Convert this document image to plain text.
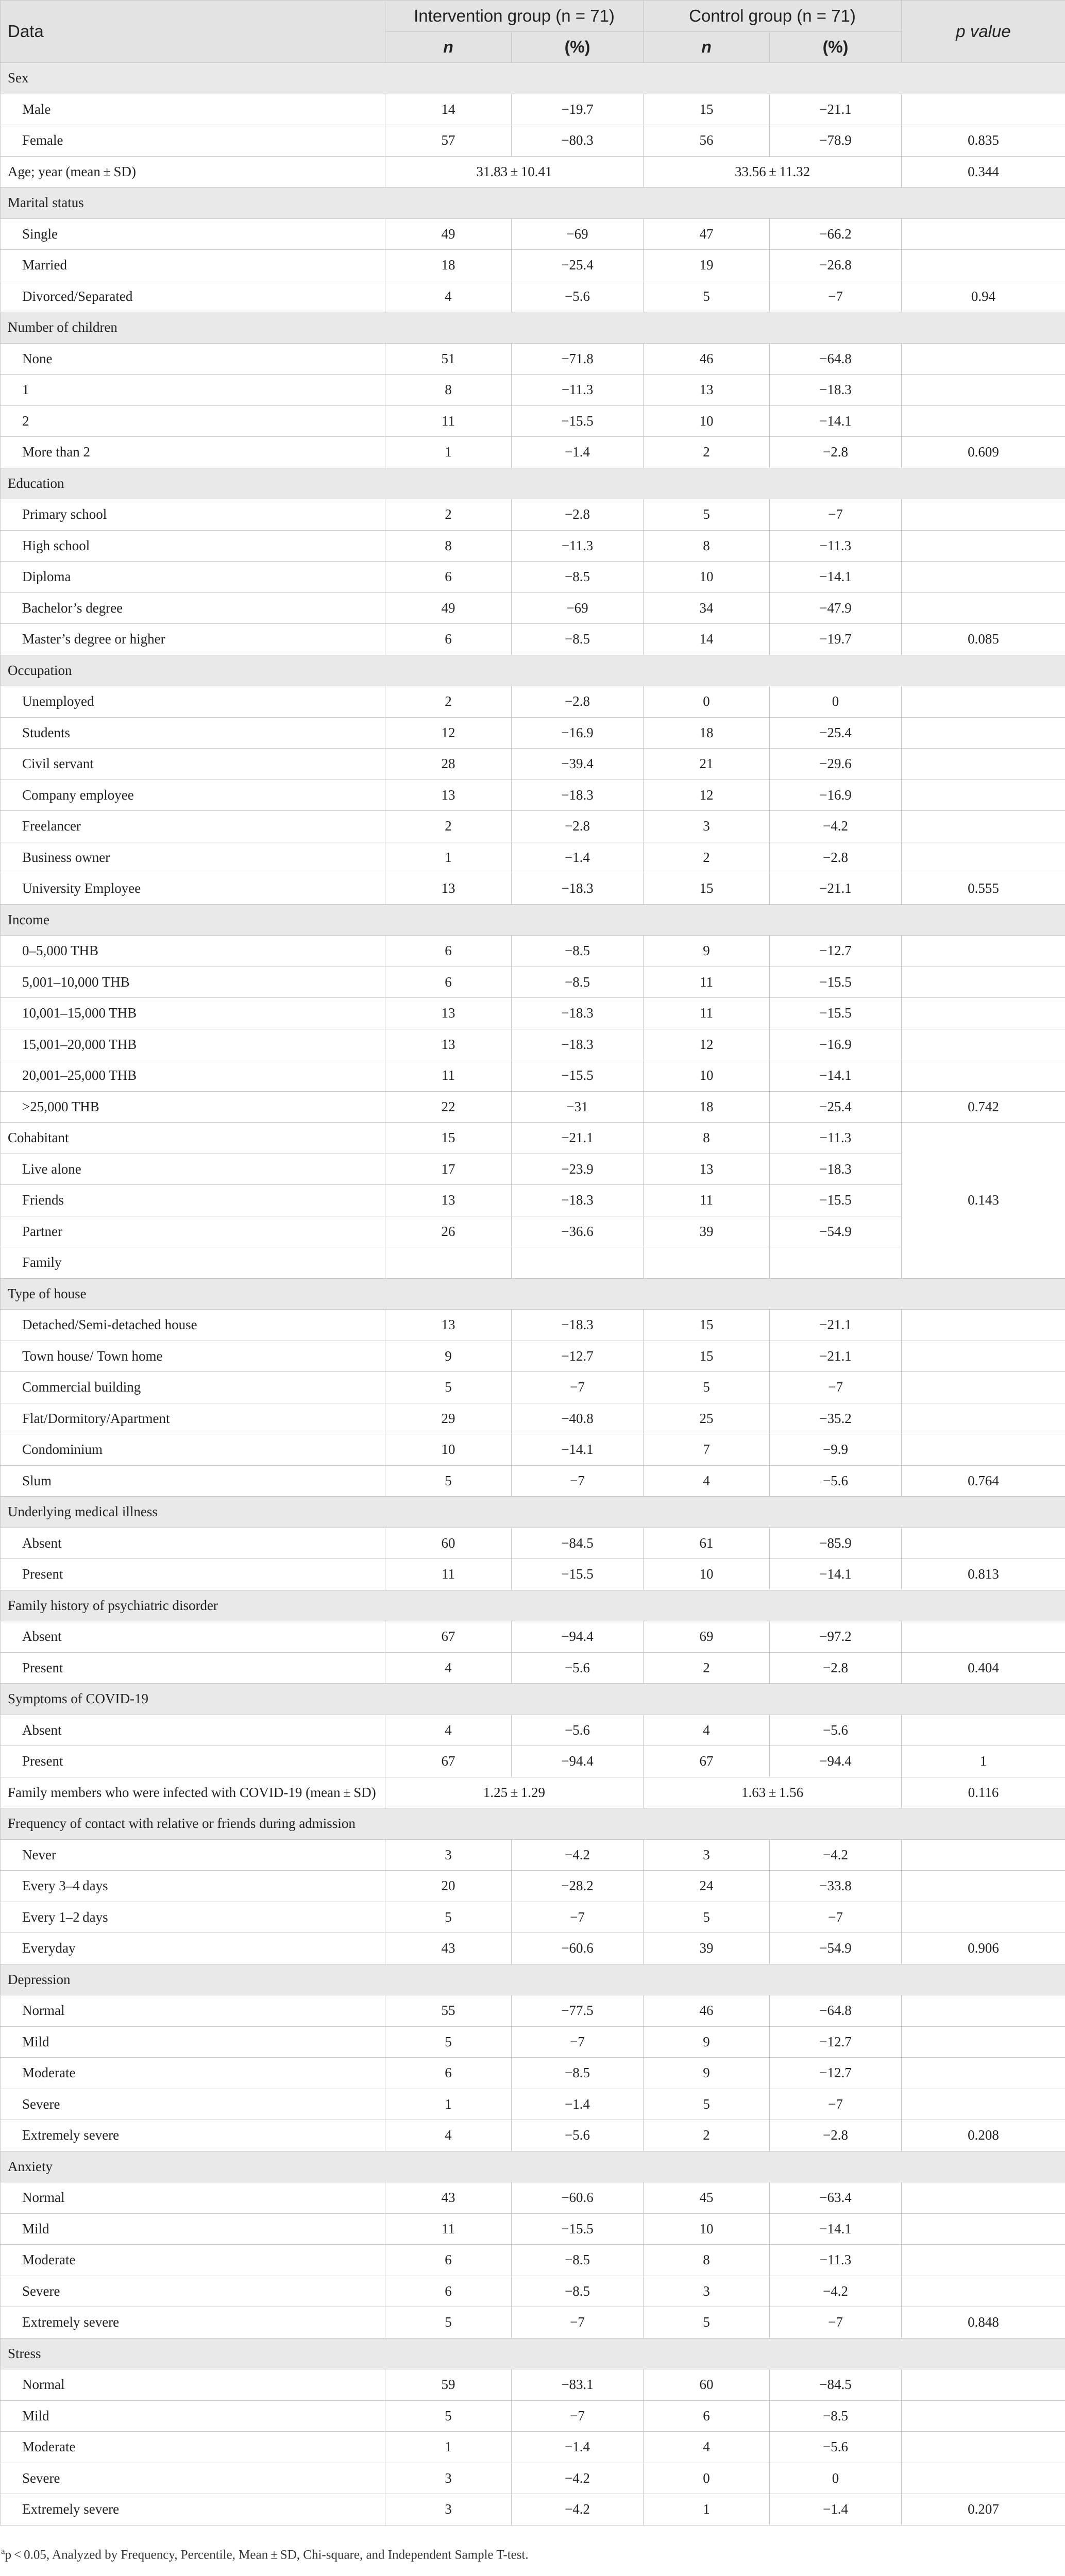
Data	Intervention group (n = 71)		Control group (n = 71)		p value
	n	(%)	n	(%)	
Sex					
Male	14	−19.7	15	−21.1	
Female	57	−80.3	56	−78.9	0.835
Age; year (mean ± SD)	31.83 ± 10.41		33.56 ± 11.32		0.344
Marital status					
Single	49	−69	47	−66.2	
Married	18	−25.4	19	−26.8	
Divorced/Separated	4	−5.6	5	−7	0.94
Number of children					
None	51	−71.8	46	−64.8	
1	8	−11.3	13	−18.3	
2	11	−15.5	10	−14.1	
More than 2	1	−1.4	2	−2.8	0.609
Education					
Primary school	2	−2.8	5	−7	
High school	8	−11.3	8	−11.3	
Diploma	6	−8.5	10	−14.1	
Bachelor’s degree	49	−69	34	−47.9	
Master’s degree or higher	6	−8.5	14	−19.7	0.085
Occupation					
Unemployed	2	−2.8	0	0	
Students	12	−16.9	18	−25.4	
Civil servant	28	−39.4	21	−29.6	
Company employee	13	−18.3	12	−16.9	
Freelancer	2	−2.8	3	−4.2	
Business owner	1	−1.4	2	−2.8	
University Employee	13	−18.3	15	−21.1	0.555
Income					
0–5,000 THB	6	−8.5	9	−12.7	
5,001–10,000 THB	6	−8.5	11	−15.5	
10,001–15,000 THB	13	−18.3	11	−15.5	
15,001–20,000 THB	13	−18.3	12	−16.9	
20,001–25,000 THB	11	−15.5	10	−14.1	
>25,000 THB	22	−31	18	−25.4	0.742
Cohabitant	15	−21.1	8	−11.3	0.143
Live alone	17	−23.9	13	−18.3	
Friends	13	−18.3	11	−15.5	
Partner	26	−36.6	39	−54.9	
Family					
Type of house					
Detached/Semi-detached house	13	−18.3	15	−21.1	
Town house/ Town home	9	−12.7	15	−21.1	
Commercial building	5	−7	5	−7	
Flat/Dormitory/Apartment	29	−40.8	25	−35.2	
Condominium	10	−14.1	7	−9.9	
Slum	5	−7	4	−5.6	0.764
Underlying medical illness					
Absent	60	−84.5	61	−85.9	
Present	11	−15.5	10	−14.1	0.813
Family history of psychiatric disorder					
Absent	67	−94.4	69	−97.2	
Present	4	−5.6	2	−2.8	0.404
Symptoms of COVID-19					
Absent	4	−5.6	4	−5.6	
Present	67	−94.4	67	−94.4	1
Family members who were infected with COVID-19 (mean ± SD)	1.25 ± 1.29		1.63 ± 1.56		0.116
Frequency of contact with relative or friends during admission					
Never	3	−4.2	3	−4.2	
Every 3–4 days	20	−28.2	24	−33.8	
Every 1–2 days	5	−7	5	−7	
Everyday	43	−60.6	39	−54.9	0.906
Depression					
Normal	55	−77.5	46	−64.8	
Mild	5	−7	9	−12.7	
Moderate	6	−8.5	9	−12.7	
Severe	1	−1.4	5	−7	
Extremely severe	4	−5.6	2	−2.8	0.208
Anxiety					
Normal	43	−60.6	45	−63.4	
Mild	11	−15.5	10	−14.1	
Moderate	6	−8.5	8	−11.3	
Severe	6	−8.5	3	−4.2	
Extremely severe	5	−7	5	−7	0.848
Stress					
Normal	59	−83.1	60	−84.5	
Mild	5	−7	6	−8.5	
Moderate	1	−1.4	4	−5.6	
Severe	3	−4.2	0	0	
Extremely severe	3	−4.2	1	−1.4	0.207
$^a$p < 0.05, Analyzed by Frequency, Percentile, Mean ± SD, Chi-square, and Independent Sample T-test.
